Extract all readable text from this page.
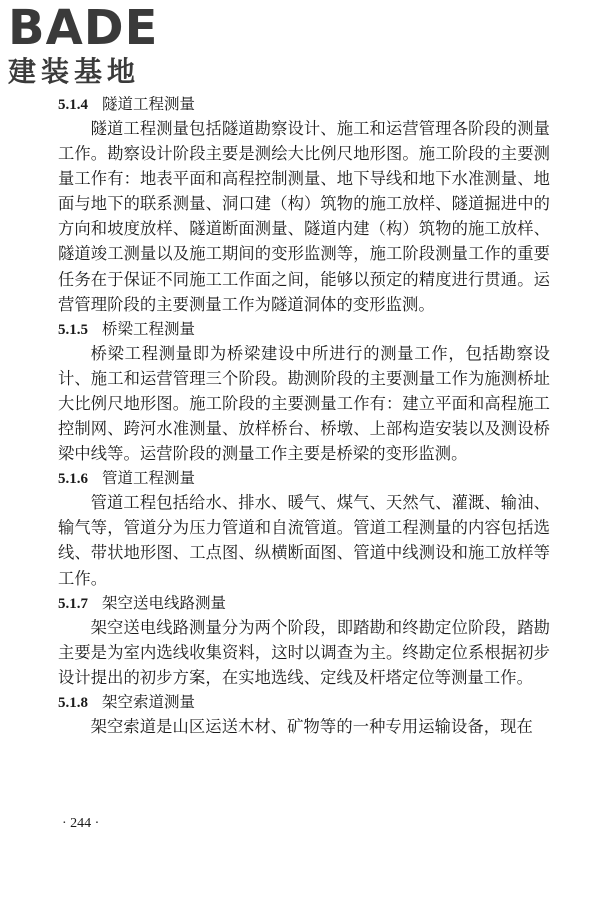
BADE
建装基地
5.1.4 隧道工程测量

隧道工程测量包括隧道勘察设计、施工和运营管理各阶段的测量工作。勘察设计阶段主要是测绘大比例尺地形图。施工阶段的主要测量工作有：地表平面和高程控制测量、地下导线和地下水准测量、地面与地下的联系测量、洞口建（构）筑物的施工放样、隧道掘进中的方向和坡度放样、隧道断面测量、隧道内建（构）筑物的施工放样、隧道竣工测量以及施工期间的变形监测等，施工阶段测量工作的重要任务在于保证不同施工工作面之间，能够以预定的精度进行贯通。运营管理阶段的主要测量工作为隧道洞体的变形监测。

5.1.5 桥梁工程测量

桥梁工程测量即为桥梁建设中所进行的测量工作，包括勘察设计、施工和运营管理三个阶段。勘测阶段的主要测量工作为施测桥址大比例尺地形图。施工阶段的主要测量工作有：建立平面和高程施工控制网、跨河水准测量、放样桥台、桥墩、上部构造安装以及测设桥梁中线等。运营阶段的测量工作主要是桥梁的变形监测。

5.1.6 管道工程测量

管道工程包括给水、排水、暖气、煤气、天然气、灌溉、输油、输气等，管道分为压力管道和自流管道。管道工程测量的内容包括选线、带状地形图、工点图、纵横断面图、管道中线测设和施工放样等工作。

5.1.7 架空送电线路测量

架空送电线路测量分为两个阶段，即踏勘和终勘定位阶段，踏勘主要是为室内选线收集资料，这时以调查为主。终勘定位系根据初步设计提出的初步方案，在实地选线、定线及杆塔定位等测量工作。

5.1.8 架空索道测量

架空索道是山区运送木材、矿物等的一种专用运输设备，现在

· 244 ·
